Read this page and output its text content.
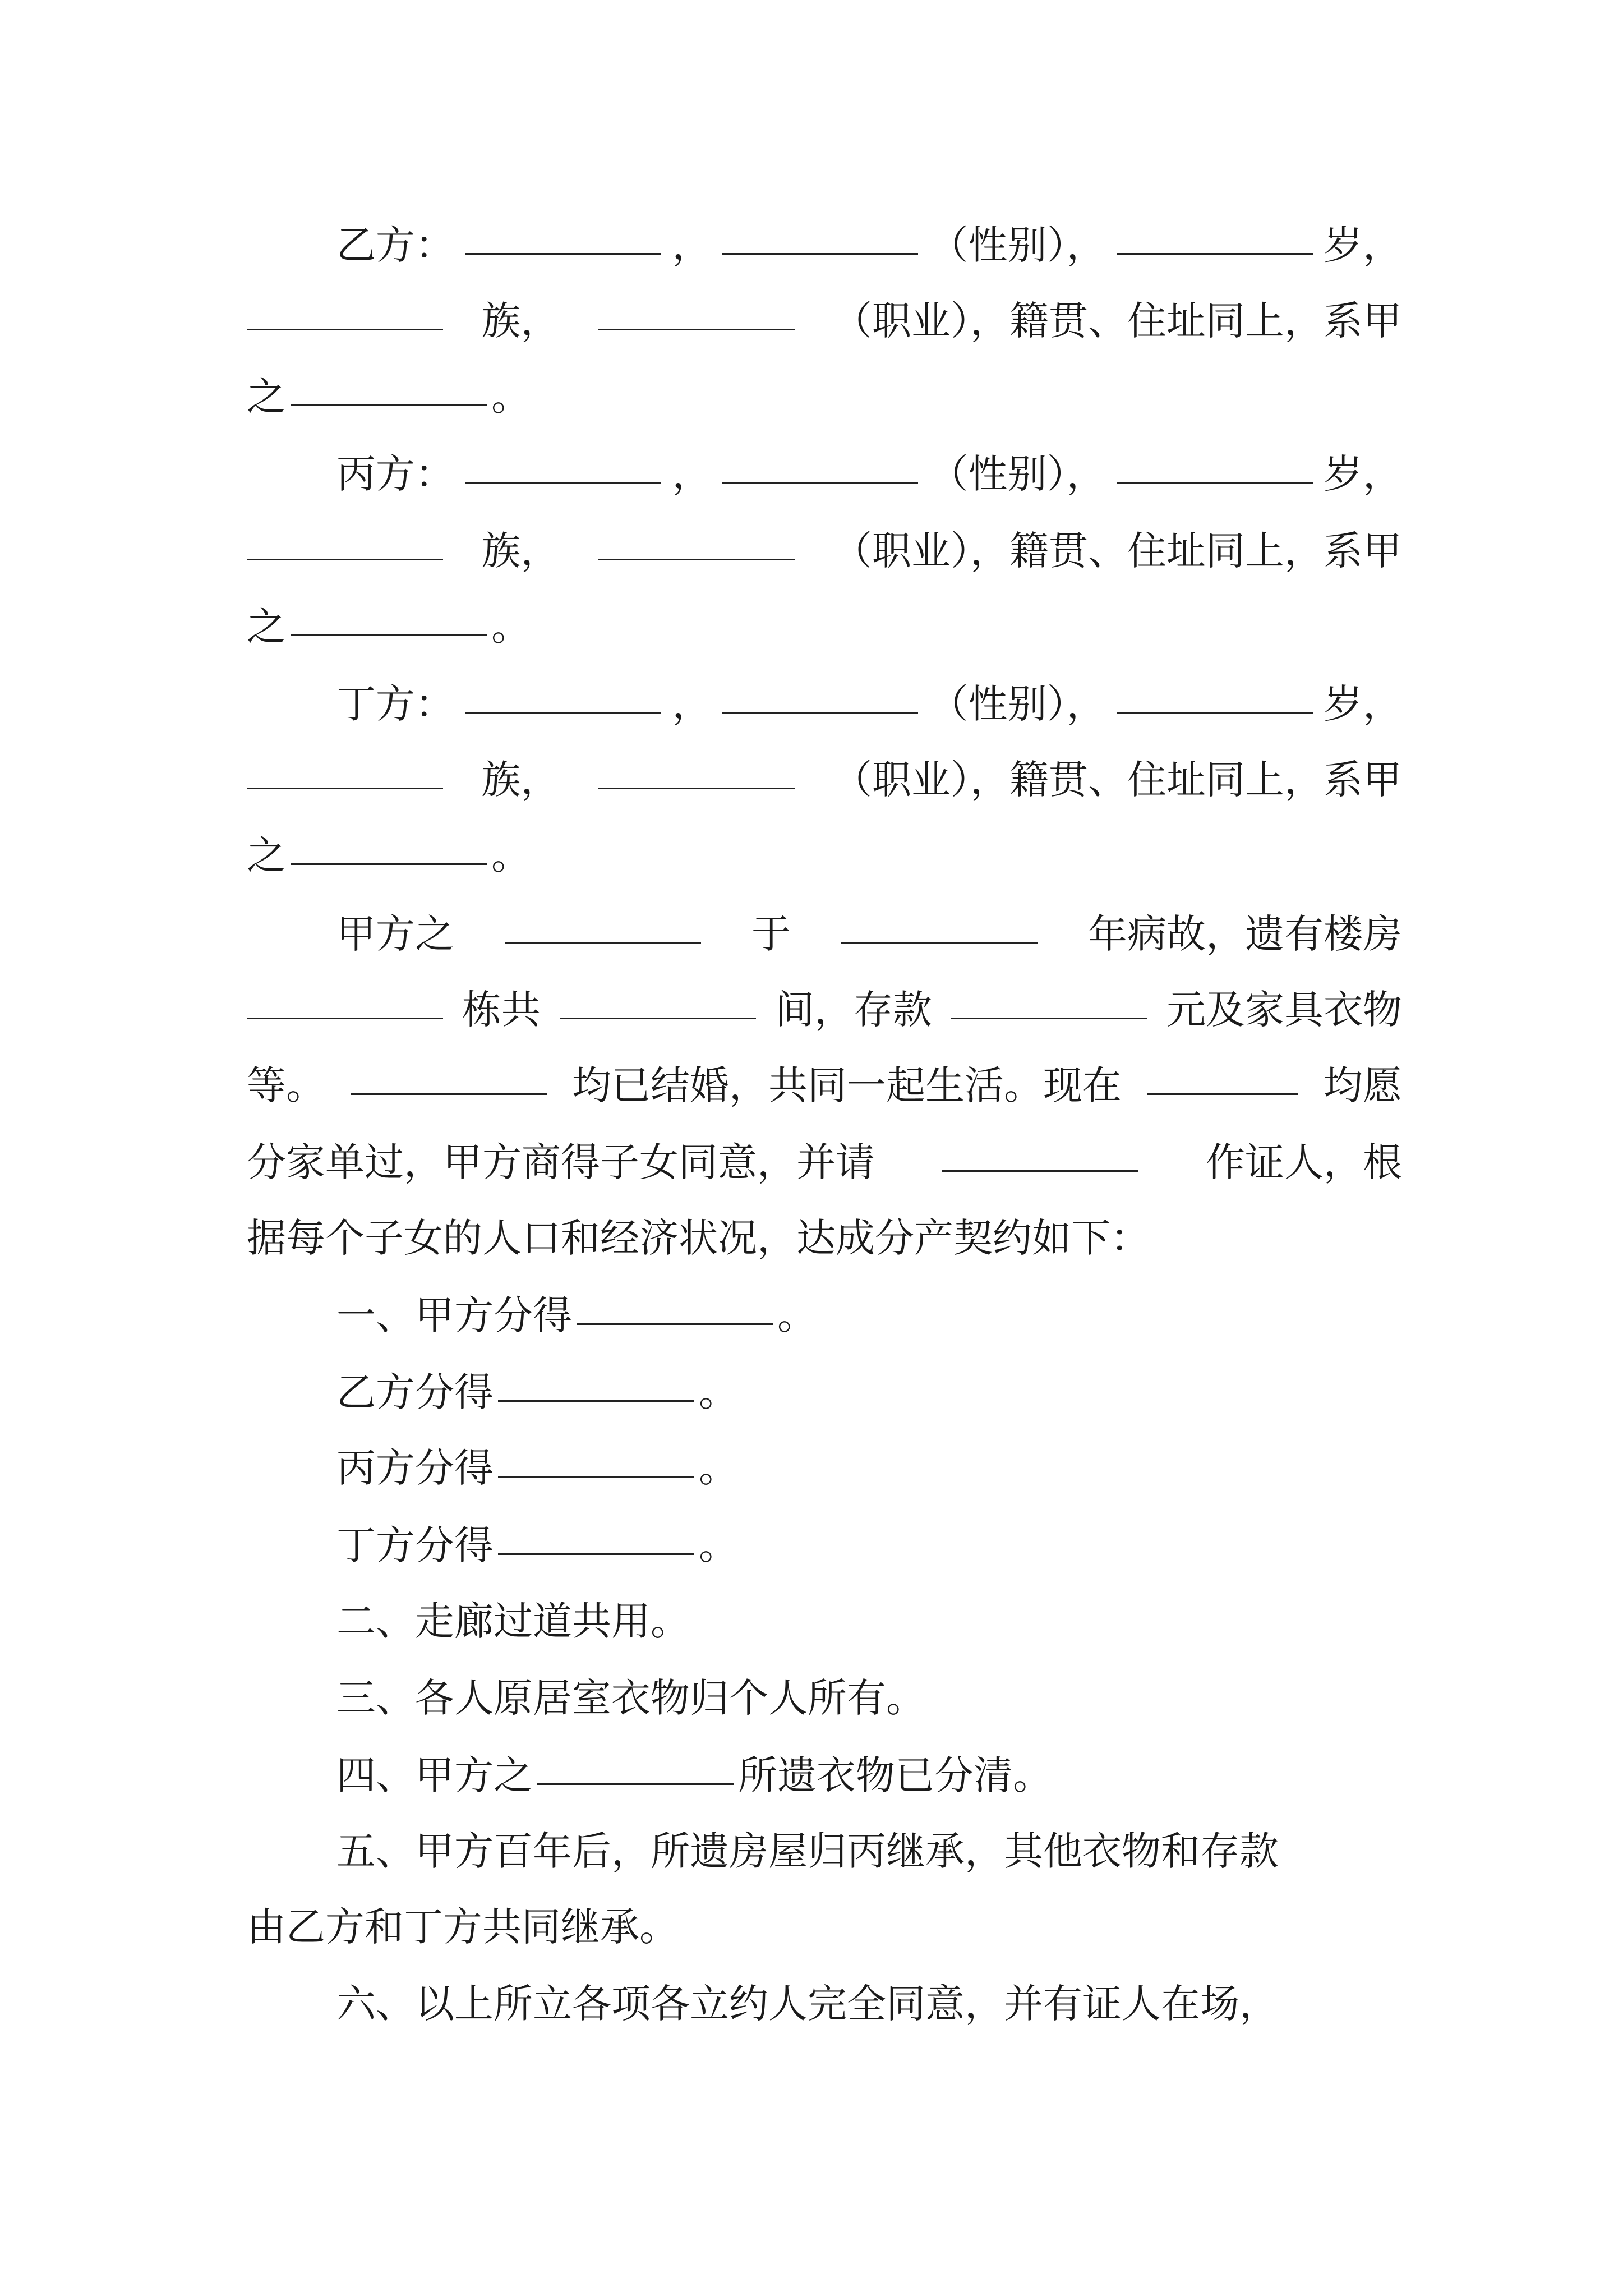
乙方：	，	（性别），	岁，
族，	（职业），籍贯、住址同上，系甲
之	。
丙方：	，	（性别），	岁，
族，	（职业），籍贯、住址同上，系甲
之	。
丁方：	，	（性别），	岁，
族，	（职业），籍贯、住址同上，系甲
之	。
甲方之	于	年病故，遗有楼房
栋共	间，存款	元及家具衣物
等。	均已结婚，共同一起生活。现在	均愿
分家单过，甲方商得子女同意，并请	作证人，根
据每个子女的人口和经济状况，达成分产契约如下：
一、甲方分得	。
乙方分得	。
丙方分得	。
丁方分得	。
二、走廊过道共用。
三、各人原居室衣物归个人所有。
四、甲方之	所遗衣物已分清。
五、甲方百年后，所遗房屋归丙继承，其他衣物和存款
由乙方和丁方共同继承。
六、以上所立各项各立约人完全同意，并有证人在场，
